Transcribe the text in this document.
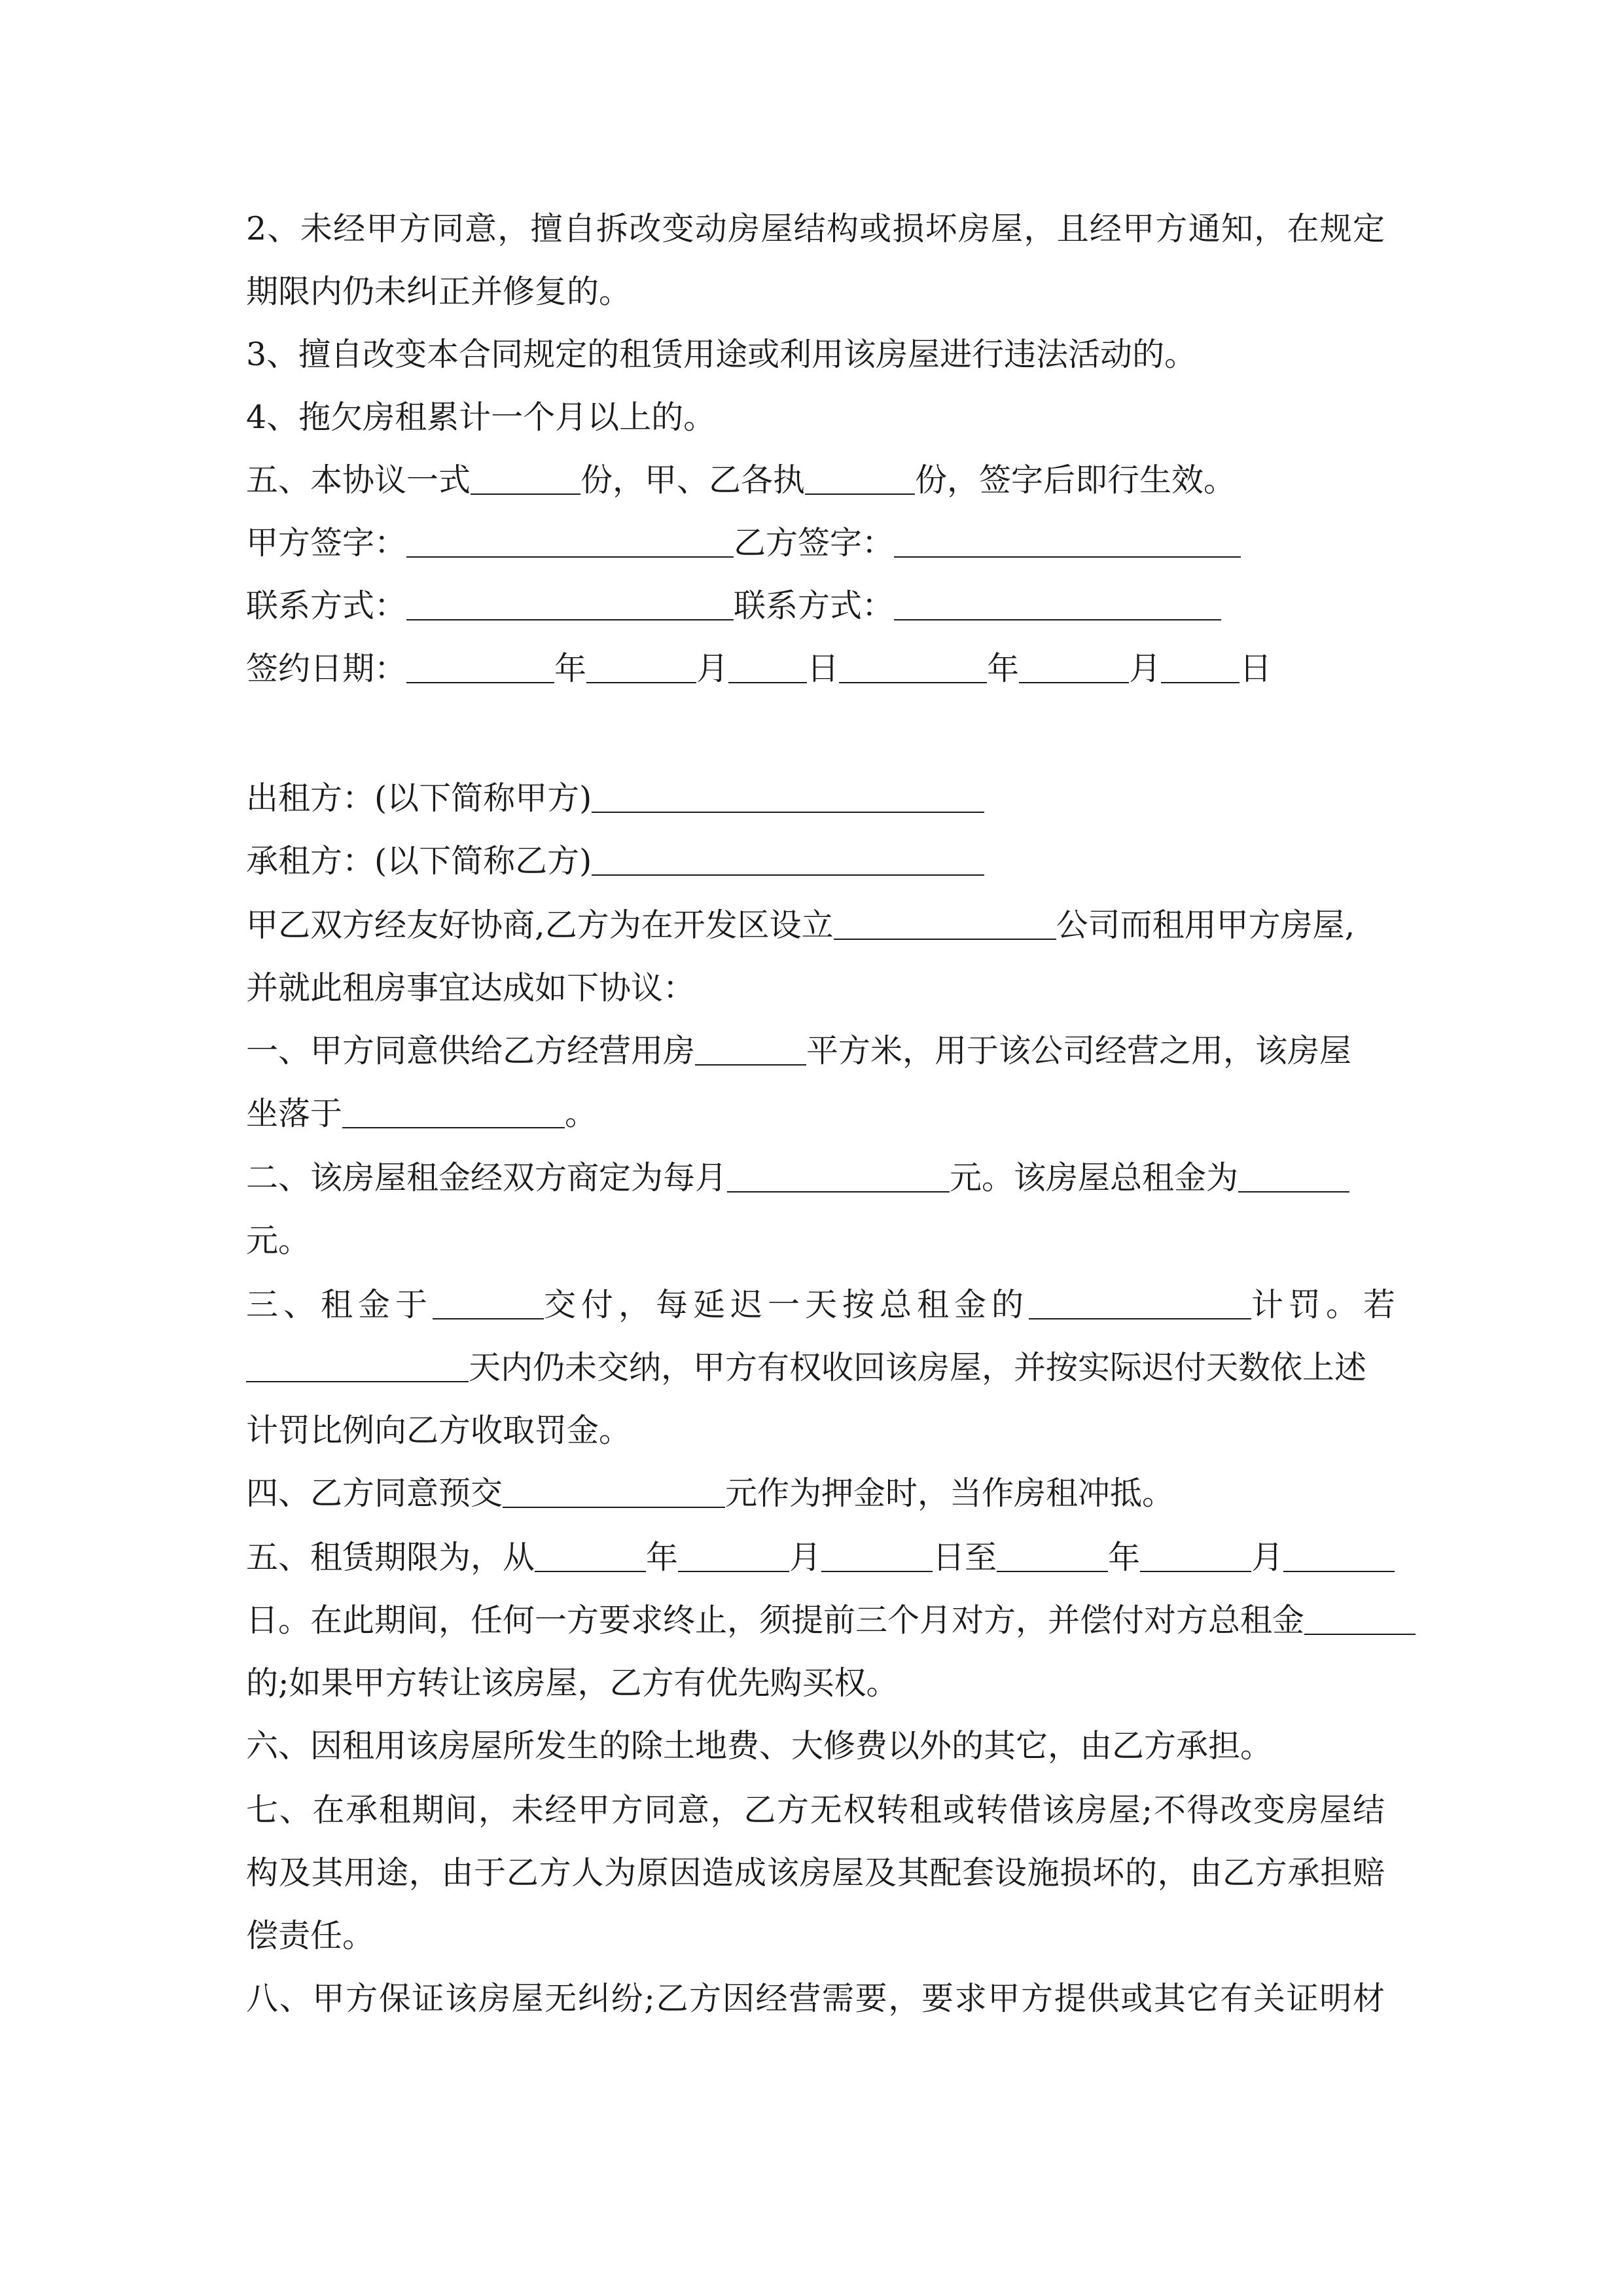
2、未经甲方同意，擅自拆改变动房屋结构或损坏房屋，且经甲方通知，在规定
期限内仍未纠正并修复的。
3、擅自改变本合同规定的租赁用途或利用该房屋进行违法活动的。
4、拖欠房租累计一个月以上的。
五、本协议一式	份，甲、乙各执	份，签字后即行生效。
甲方签字：	乙方签字：
联系方式：	联系方式：
签约日期：	年	月 日	年	月 日
出租方：(以下简称甲方)
承租方：(以下简称乙方)
甲乙双方经友好协商,乙方为在开发区设立	公司而租用甲方房屋,
并就此租房事宜达成如下协议：
一、甲方同意供给乙方经营用房	平方米，用于该公司经营之用，该房屋
坐落于	。
二、该房屋租金经双方商定为每月	元。该房屋总租金为
元。
三、租金于	交付，每延迟一天按总租金的	计罚。若
天内仍未交纳，甲方有权收回该房屋，并按实际迟付天数依上述
计罚比例向乙方收取罚金。
四、乙方同意预交	元作为押金时，当作房租冲抵。
五、租赁期限为，从	年	月	日至	年	月
日。在此期间，任何一方要求终止，须提前三个月对方，并偿付对方总租金
的;如果甲方转让该房屋，乙方有优先购买权。
六、因租用该房屋所发生的除土地费、大修费以外的其它，由乙方承担。
七、在承租期间，未经甲方同意，乙方无权转租或转借该房屋;不得改变房屋结
构及其用途，由于乙方人为原因造成该房屋及其配套设施损坏的，由乙方承担赔
偿责任。
八、甲方保证该房屋无纠纷;乙方因经营需要，要求甲方提供或其它有关证明材
